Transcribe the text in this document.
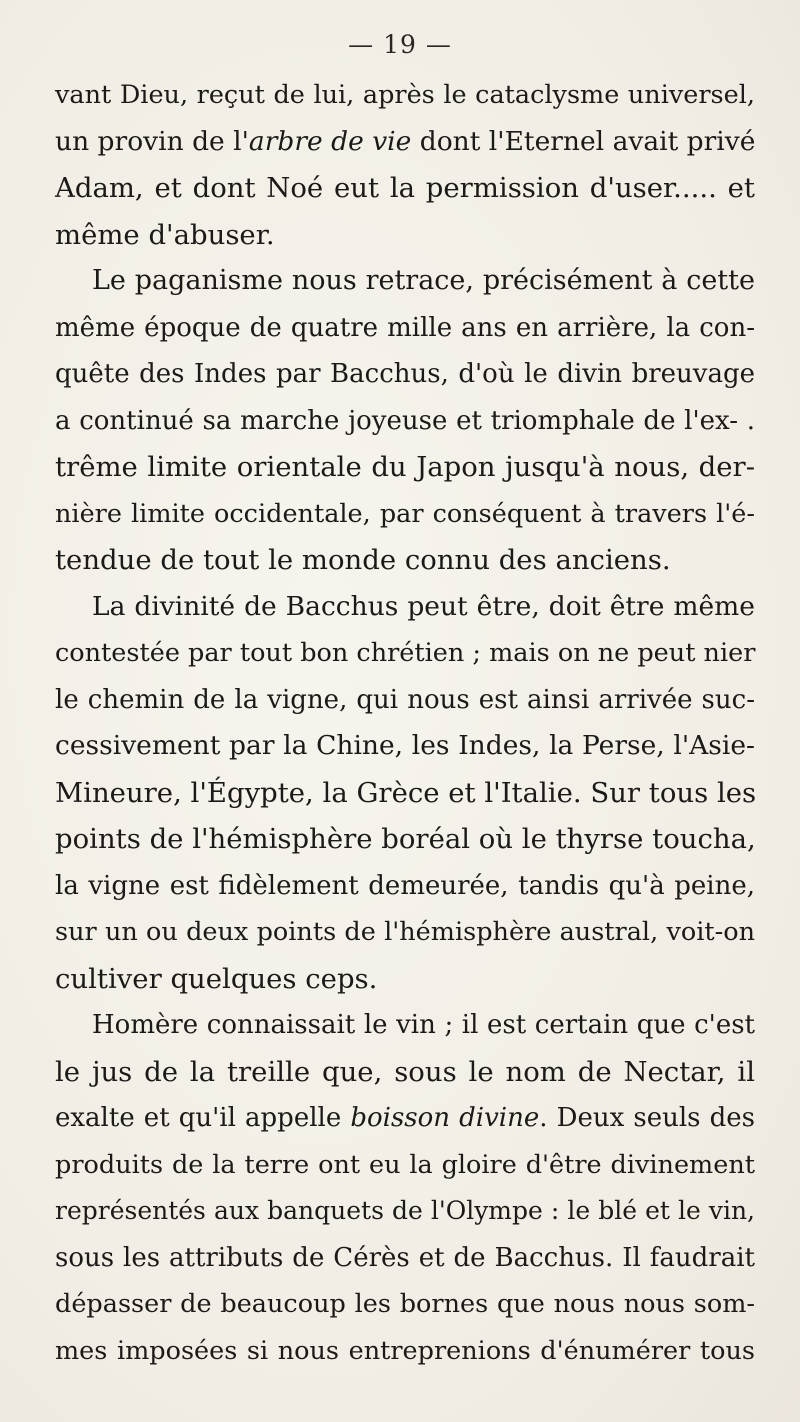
— 19 —
vant Dieu, reçut de lui, après le cataclysme universel,
un provin de l'arbre de vie dont l'Eternel avait privé
Adam, et dont Noé eut la permission d'user..... et
même d'abuser.
Le paganisme nous retrace, précisément à cette
même époque de quatre mille ans en arrière, la con-
quête des Indes par Bacchus, d'où le divin breuvage
a continué sa marche joyeuse et triomphale de l'ex- .
trême limite orientale du Japon jusqu'à nous, der-
nière limite occidentale, par conséquent à travers l'é-
tendue de tout le monde connu des anciens.
La divinité de Bacchus peut être, doit être même
contestée par tout bon chrétien ; mais on ne peut nier
le chemin de la vigne, qui nous est ainsi arrivée suc-
cessivement par la Chine, les Indes, la Perse, l'Asie-
Mineure, l'Égypte, la Grèce et l'Italie. Sur tous les
points de l'hémisphère boréal où le thyrse toucha,
la vigne est fidèlement demeurée, tandis qu'à peine,
sur un ou deux points de l'hémisphère austral, voit-on
cultiver quelques ceps.
Homère connaissait le vin ; il est certain que c'est
le jus de la treille que, sous le nom de Nectar, il
exalte et qu'il appelle boisson divine. Deux seuls des
produits de la terre ont eu la gloire d'être divinement
représentés aux banquets de l'Olympe : le blé et le vin,
sous les attributs de Cérès et de Bacchus. Il faudrait
dépasser de beaucoup les bornes que nous nous som-
mes imposées si nous entreprenions d'énumérer tous
